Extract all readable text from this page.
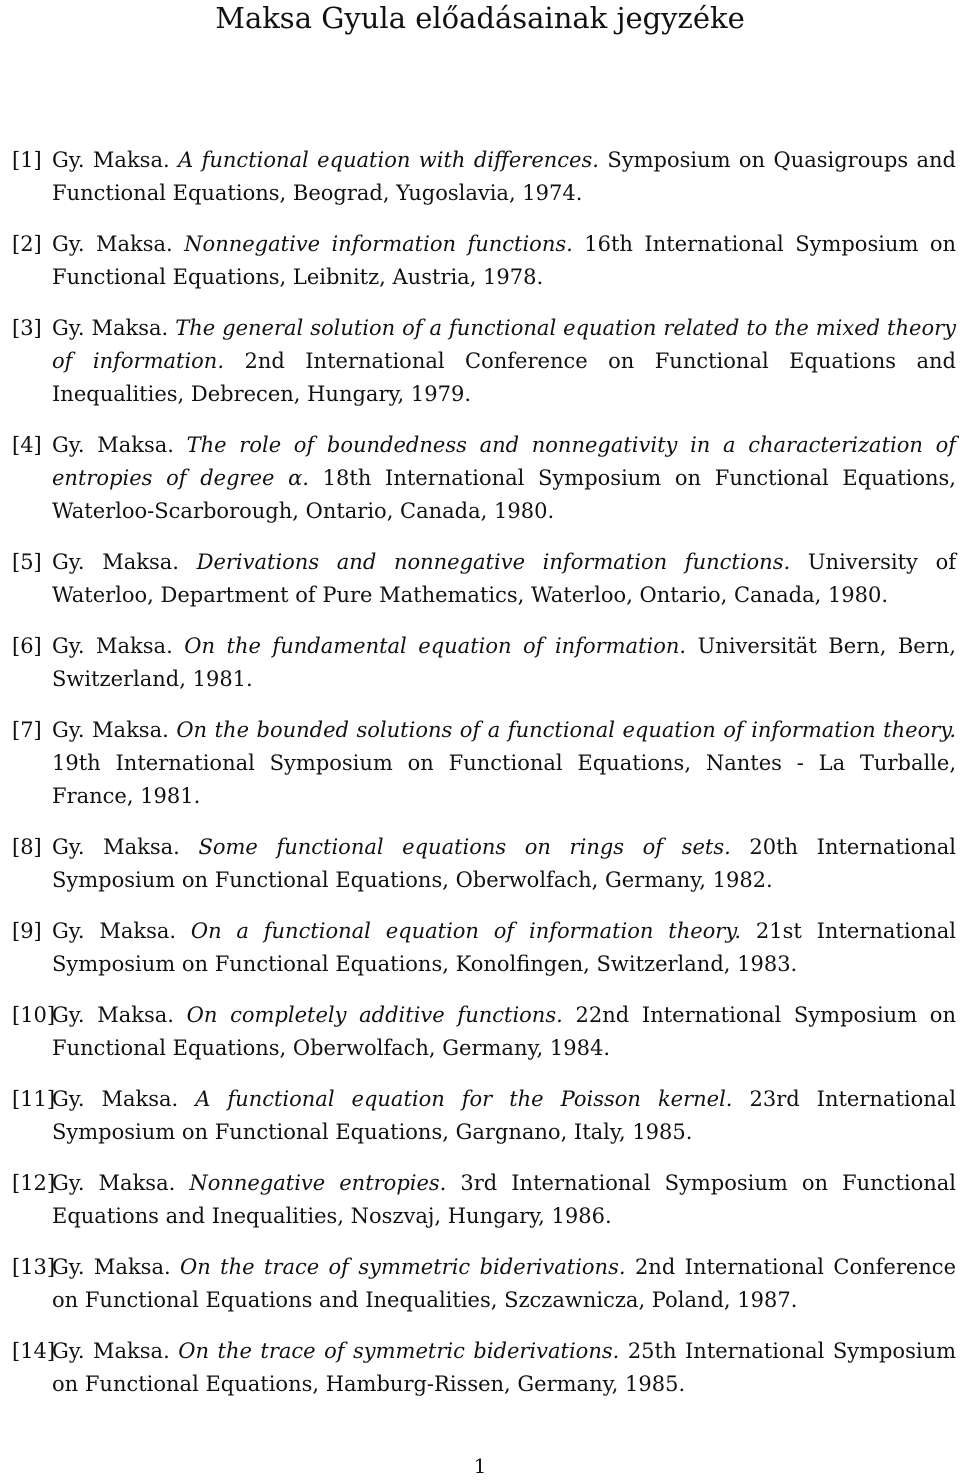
Maksa Gyula előadásainak jegyzéke
[1] Gy. Maksa. A functional equation with differences. Symposium on Quasigroups and Functional Equations, Beograd, Yugoslavia, 1974.
[2] Gy. Maksa. Nonnegative information functions. 16th International Symposium on Functional Equations, Leibnitz, Austria, 1978.
[3] Gy. Maksa. The general solution of a functional equation related to the mixed theory of information. 2nd International Conference on Functional Equations and Inequalities, Debrecen, Hungary, 1979.
[4] Gy. Maksa. The role of boundedness and nonnegativity in a characterization of entropies of degree α. 18th International Symposium on Functional Equations, Waterloo-Scarborough, Ontario, Canada, 1980.
[5] Gy. Maksa. Derivations and nonnegative information functions. University of Waterloo, Department of Pure Mathematics, Waterloo, Ontario, Canada, 1980.
[6] Gy. Maksa. On the fundamental equation of information. Universität Bern, Bern, Switzerland, 1981.
[7] Gy. Maksa. On the bounded solutions of a functional equation of information theory. 19th International Symposium on Functional Equations, Nantes - La Turballe, France, 1981.
[8] Gy. Maksa. Some functional equations on rings of sets. 20th International Symposium on Functional Equations, Oberwolfach, Germany, 1982.
[9] Gy. Maksa. On a functional equation of information theory. 21st International Symposium on Functional Equations, Konolfingen, Switzerland, 1983.
[10]
Gy. Maksa. On completely additive functions. 22nd International Symposium on Functional Equations, Oberwolfach, Germany, 1984.
[11]
Gy. Maksa. A functional equation for the Poisson kernel. 23rd International Symposium on Functional Equations, Gargnano, Italy, 1985.
[12]
Gy. Maksa. Nonnegative entropies. 3rd International Symposium on Functional Equations and Inequalities, Noszvaj, Hungary, 1986.
[13]
Gy. Maksa. On the trace of symmetric biderivations. 2nd International Conference on Functional Equations and Inequalities, Szczawnicza, Poland, 1987.
[14]
Gy. Maksa. On the trace of symmetric biderivations. 25th International Symposium on Functional Equations, Hamburg-Rissen, Germany, 1985.
1
